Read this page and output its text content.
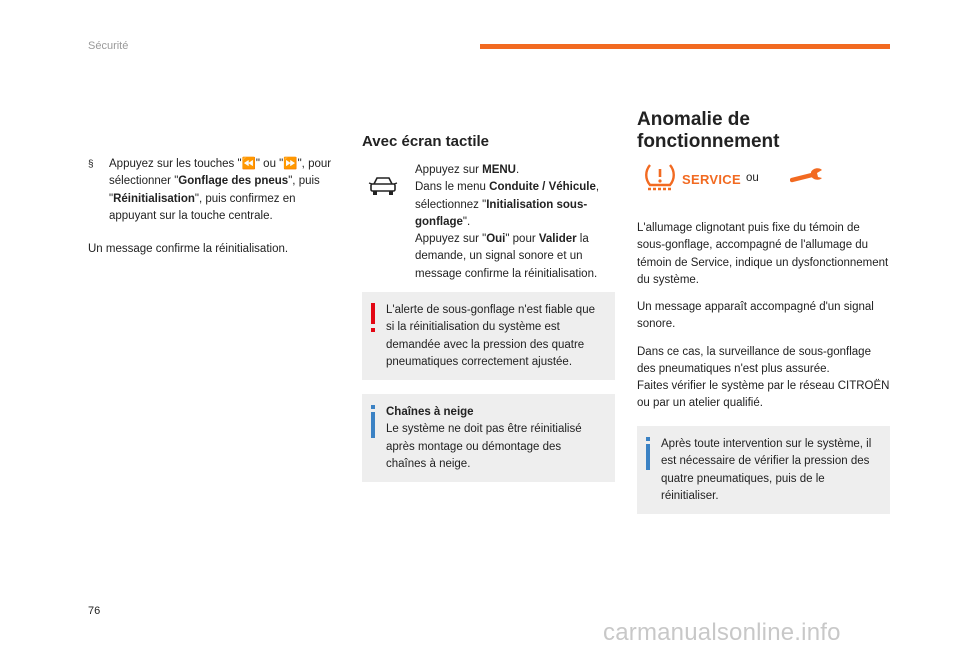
Sécurité
§	Appuyez sur les touches "⏪" ou "⏩", pour sélectionner "Gonflage des pneus", puis "Réinitialisation", puis confirmez en appuyant sur la touche centrale.

Un message confirme la réinitialisation.

Avec écran tactile
Appuyez sur MENU.
Dans le menu Conduite / Véhicule, sélectionnez "Initialisation sous-gonflage".
Appuyez sur "Oui" pour Valider la demande, un signal sonore et un message confirme la réinitialisation.

L'alerte de sous-gonflage n'est fiable que si la réinitialisation du système est demandée avec la pression des quatre pneumatiques correctement ajustée.

Chaînes à neige

Le système ne doit pas être réinitialisé après montage ou démontage des chaînes à neige.

Anomalie de
fonctionnement
SERVICE ou

L'allumage clignotant puis fixe du témoin de sous-gonflage, accompagné de l'allumage du témoin de Service, indique un dysfonctionnement du système.

Un message apparaît accompagné d'un signal sonore.

Dans ce cas, la surveillance de sous-gonflage des pneumatiques n'est plus assurée.

Faites vérifier le système par le réseau CITROËN ou par un atelier qualifié.

Après toute intervention sur le système, il est nécessaire de vérifier la pression des quatre pneumatiques, puis de le réinitialiser.

76
carmanualsonline.info
